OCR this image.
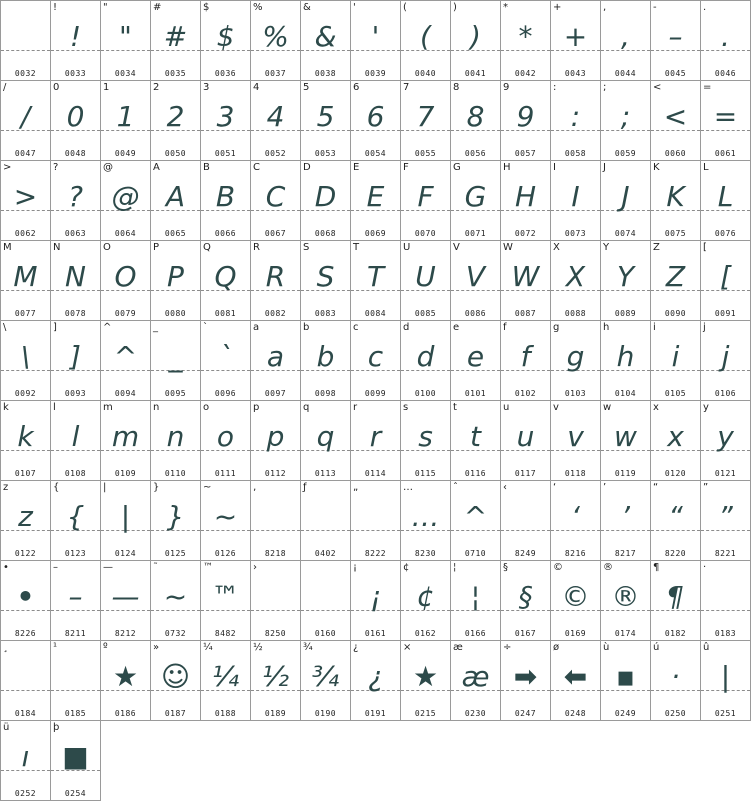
0032
!
!
0033
"
"
0034
#
#
0035
$
$
0036
%
%
0037
&
&
0038
'
'
0039
(
(
0040
)
)
0041
*
*
0042
+
+
0043
,
,
0044
-
–
0045
.
.
0046
/
/
0047
0
0
0048
1
1
0049
2
2
0050
3
3
0051
4
4
0052
5
5
0053
6
6
0054
7
7
0055
8
8
0056
9
9
0057
:
:
0058
;
;
0059
<
<
0060
=
=
0061
>
>
0062
?
?
0063
@
@
0064
A
A
0065
B
B
0066
C
C
0067
D
D
0068
E
E
0069
F
F
0070
G
G
0071
H
H
0072
I
I
0073
J
J
0074
K
K
0075
L
L
0076
M
M
0077
N
N
0078
O
O
0079
P
P
0080
Q
Q
0081
R
R
0082
S
S
0083
T
T
0084
U
U
0085
V
V
0086
W
W
0087
X
X
0088
Y
Y
0089
Z
Z
0090
[
[
0091
\
\
0092
]
]
0093
^
^
0094
_
_
0095
`
`
0096
a
a
0097
b
b
0098
c
c
0099
d
d
0100
e
e
0101
f
f
0102
g
g
0103
h
h
0104
i
i
0105
j
j
0106
k
k
0107
l
l
0108
m
m
0109
n
n
0110
o
o
0111
p
p
0112
q
q
0113
r
r
0114
s
s
0115
t
t
0116
u
u
0117
v
v
0118
w
w
0119
x
x
0120
y
y
0121
z
z
0122
{
{
0123
|
|
0124
}
}
0125
~
~
0126
‚
8218
ƒ
0402
„
8222
…
…
8230
ˆ
^
0710
‹
8249
‘
‘
8216
’
’
8217
“
“
8220
”
”
8221
•
•
8226
–
–
8211
—
—
8212
˜
~
0732
™
™
8482
›
8250	0160
¡
¡
0161
¢
¢
0162
¦
¦
0166
§
§
0167
©
©
0169
®
®
0174
¶
¶
0182
·
0183
¸
0184
¹
0185
º
★
0186
»
☺
0187
¼
¼
0188
½
½
0189
¾
¾
0190
¿
¿
0191
×
★
0215
æ
æ
0230
÷
➡
0247
ø
⬅
0248
ù
▪
0249
ú
·
0250
û
|
0251
ü
ı
0252
þ
■
0254
